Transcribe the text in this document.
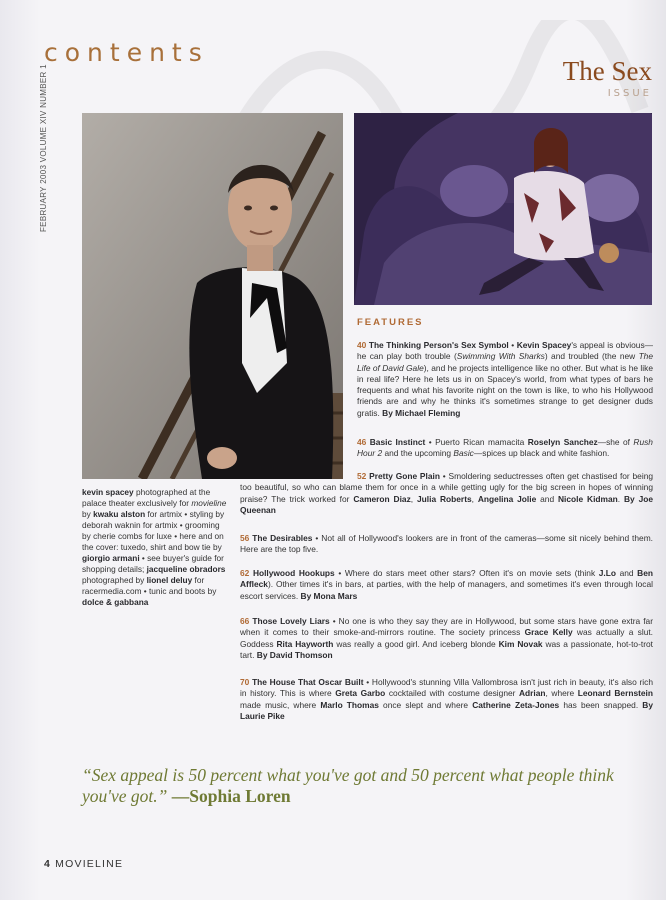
contents
The Sex
ISSUE
FEBRUARY 2003 VOLUME XIV NUMBER 1
FEATURES
40 The Thinking Person's Sex Symbol • Kevin Spacey's appeal is obvious—he can play both trouble (Swimming With Sharks) and troubled (the new The Life of David Gale), and he projects intelligence like no other. But what is he like in real life? Here he lets us in on Spacey's world, from what types of bars he frequents and what his favorite night on the town is like, to who his Hollywood friends are and why he thinks it's sometimes strange to get designer duds gratis. By Michael Fleming
46 Basic Instinct • Puerto Rican mamacita Roselyn Sanchez—she of Rush Hour 2 and the upcoming Basic—spices up black and white fashion.
52 Pretty Gone Plain • Smoldering seductresses often get chastised for being too beautiful, so who can blame them for once in a while getting ugly for the big screen in hopes of winning praise? The trick worked for Cameron Diaz, Julia Roberts, Angelina Jolie and Nicole Kidman. By Joe Queenan
56 The Desirables • Not all of Hollywood's lookers are in front of the cameras—some sit nicely behind them. Here are the top five.
62 Hollywood Hookups • Where do stars meet other stars? Often it's on movie sets (think J.Lo and Ben Affleck). Other times it's in bars, at parties, with the help of managers, and sometimes it's even through local escort services. By Mona Mars
66 Those Lovely Liars • No one is who they say they are in Hollywood, but some stars have gone extra far when it comes to their smoke-and-mirrors routine. The society princess Grace Kelly was actually a slut. Goddess Rita Hayworth was really a good girl. And iceberg blonde Kim Novak was a passionate, hot-to-trot tart. By David Thomson
70 The House That Oscar Built • Hollywood's stunning Villa Vallombrosa isn't just rich in beauty, it's also rich in history. This is where Greta Garbo cocktailed with costume designer Adrian, where Leonard Bernstein made music, where Marlo Thomas once slept and where Catherine Zeta-Jones has been snapped. By Laurie Pike
kevin spacey photographed at the palace theater exclusively for movieline by kwaku alston for artmix • styling by deborah waknin for artmix • grooming by cherie combs for luxe • here and on the cover: tuxedo, shirt and bow tie by giorgio armani • see buyer's guide for shopping details; jacqueline obradors photographed by lionel deluy for racermedia.com • tunic and boots by dolce & gabbana
“Sex appeal is 50 percent what you've got and 50 percent what people think you've got.” —Sophia Loren
4 MOVIELINE
